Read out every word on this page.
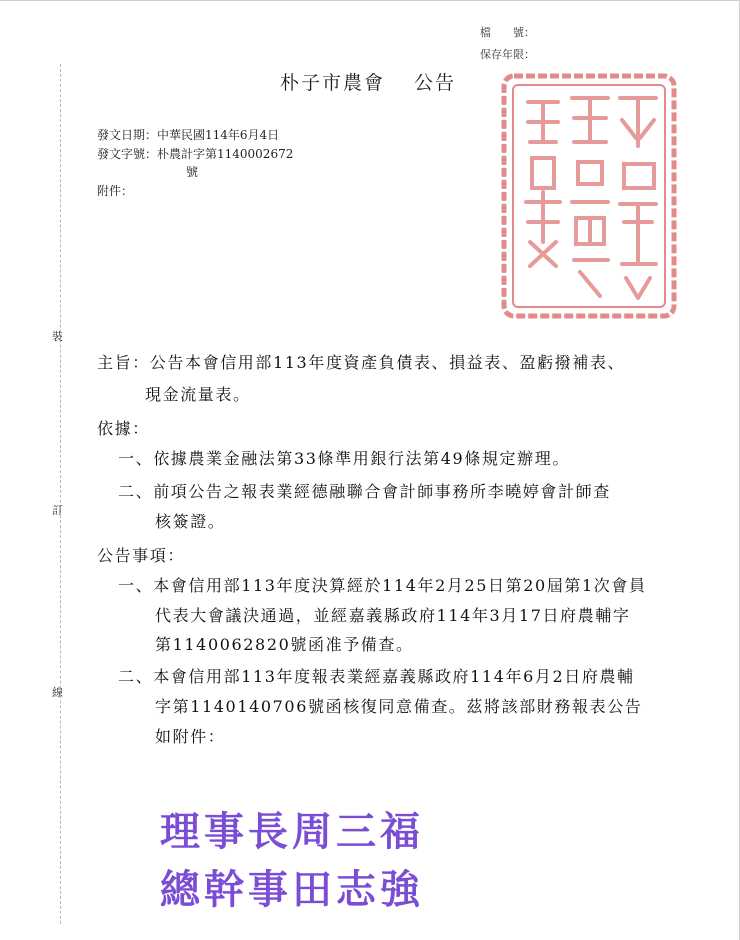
裝
訂
線
檔　　號：
保存年限：
朴子市農會　 公告
發文日期：中華民國114年6月4日
發文字號：朴農計字第1140002672
號
附件：
主旨：公告本會信用部113年度資產負債表、損益表、盈虧撥補表、
現金流量表。
依據：
一、依據農業金融法第33條準用銀行法第49條規定辦理。
二、前項公告之報表業經德融聯合會計師事務所李曉婷會計師查
核簽證。
公告事項：
一、本會信用部113年度決算經於114年2月25日第20屆第1次會員
代表大會議決通過，並經嘉義縣政府114年3月17日府農輔字
第1140062820號函准予備查。
二、本會信用部113年度報表業經嘉義縣政府114年6月2日府農輔
字第1140140706號函核復同意備查。茲將該部財務報表公告
如附件：
理事長周三福
總幹事田志強
